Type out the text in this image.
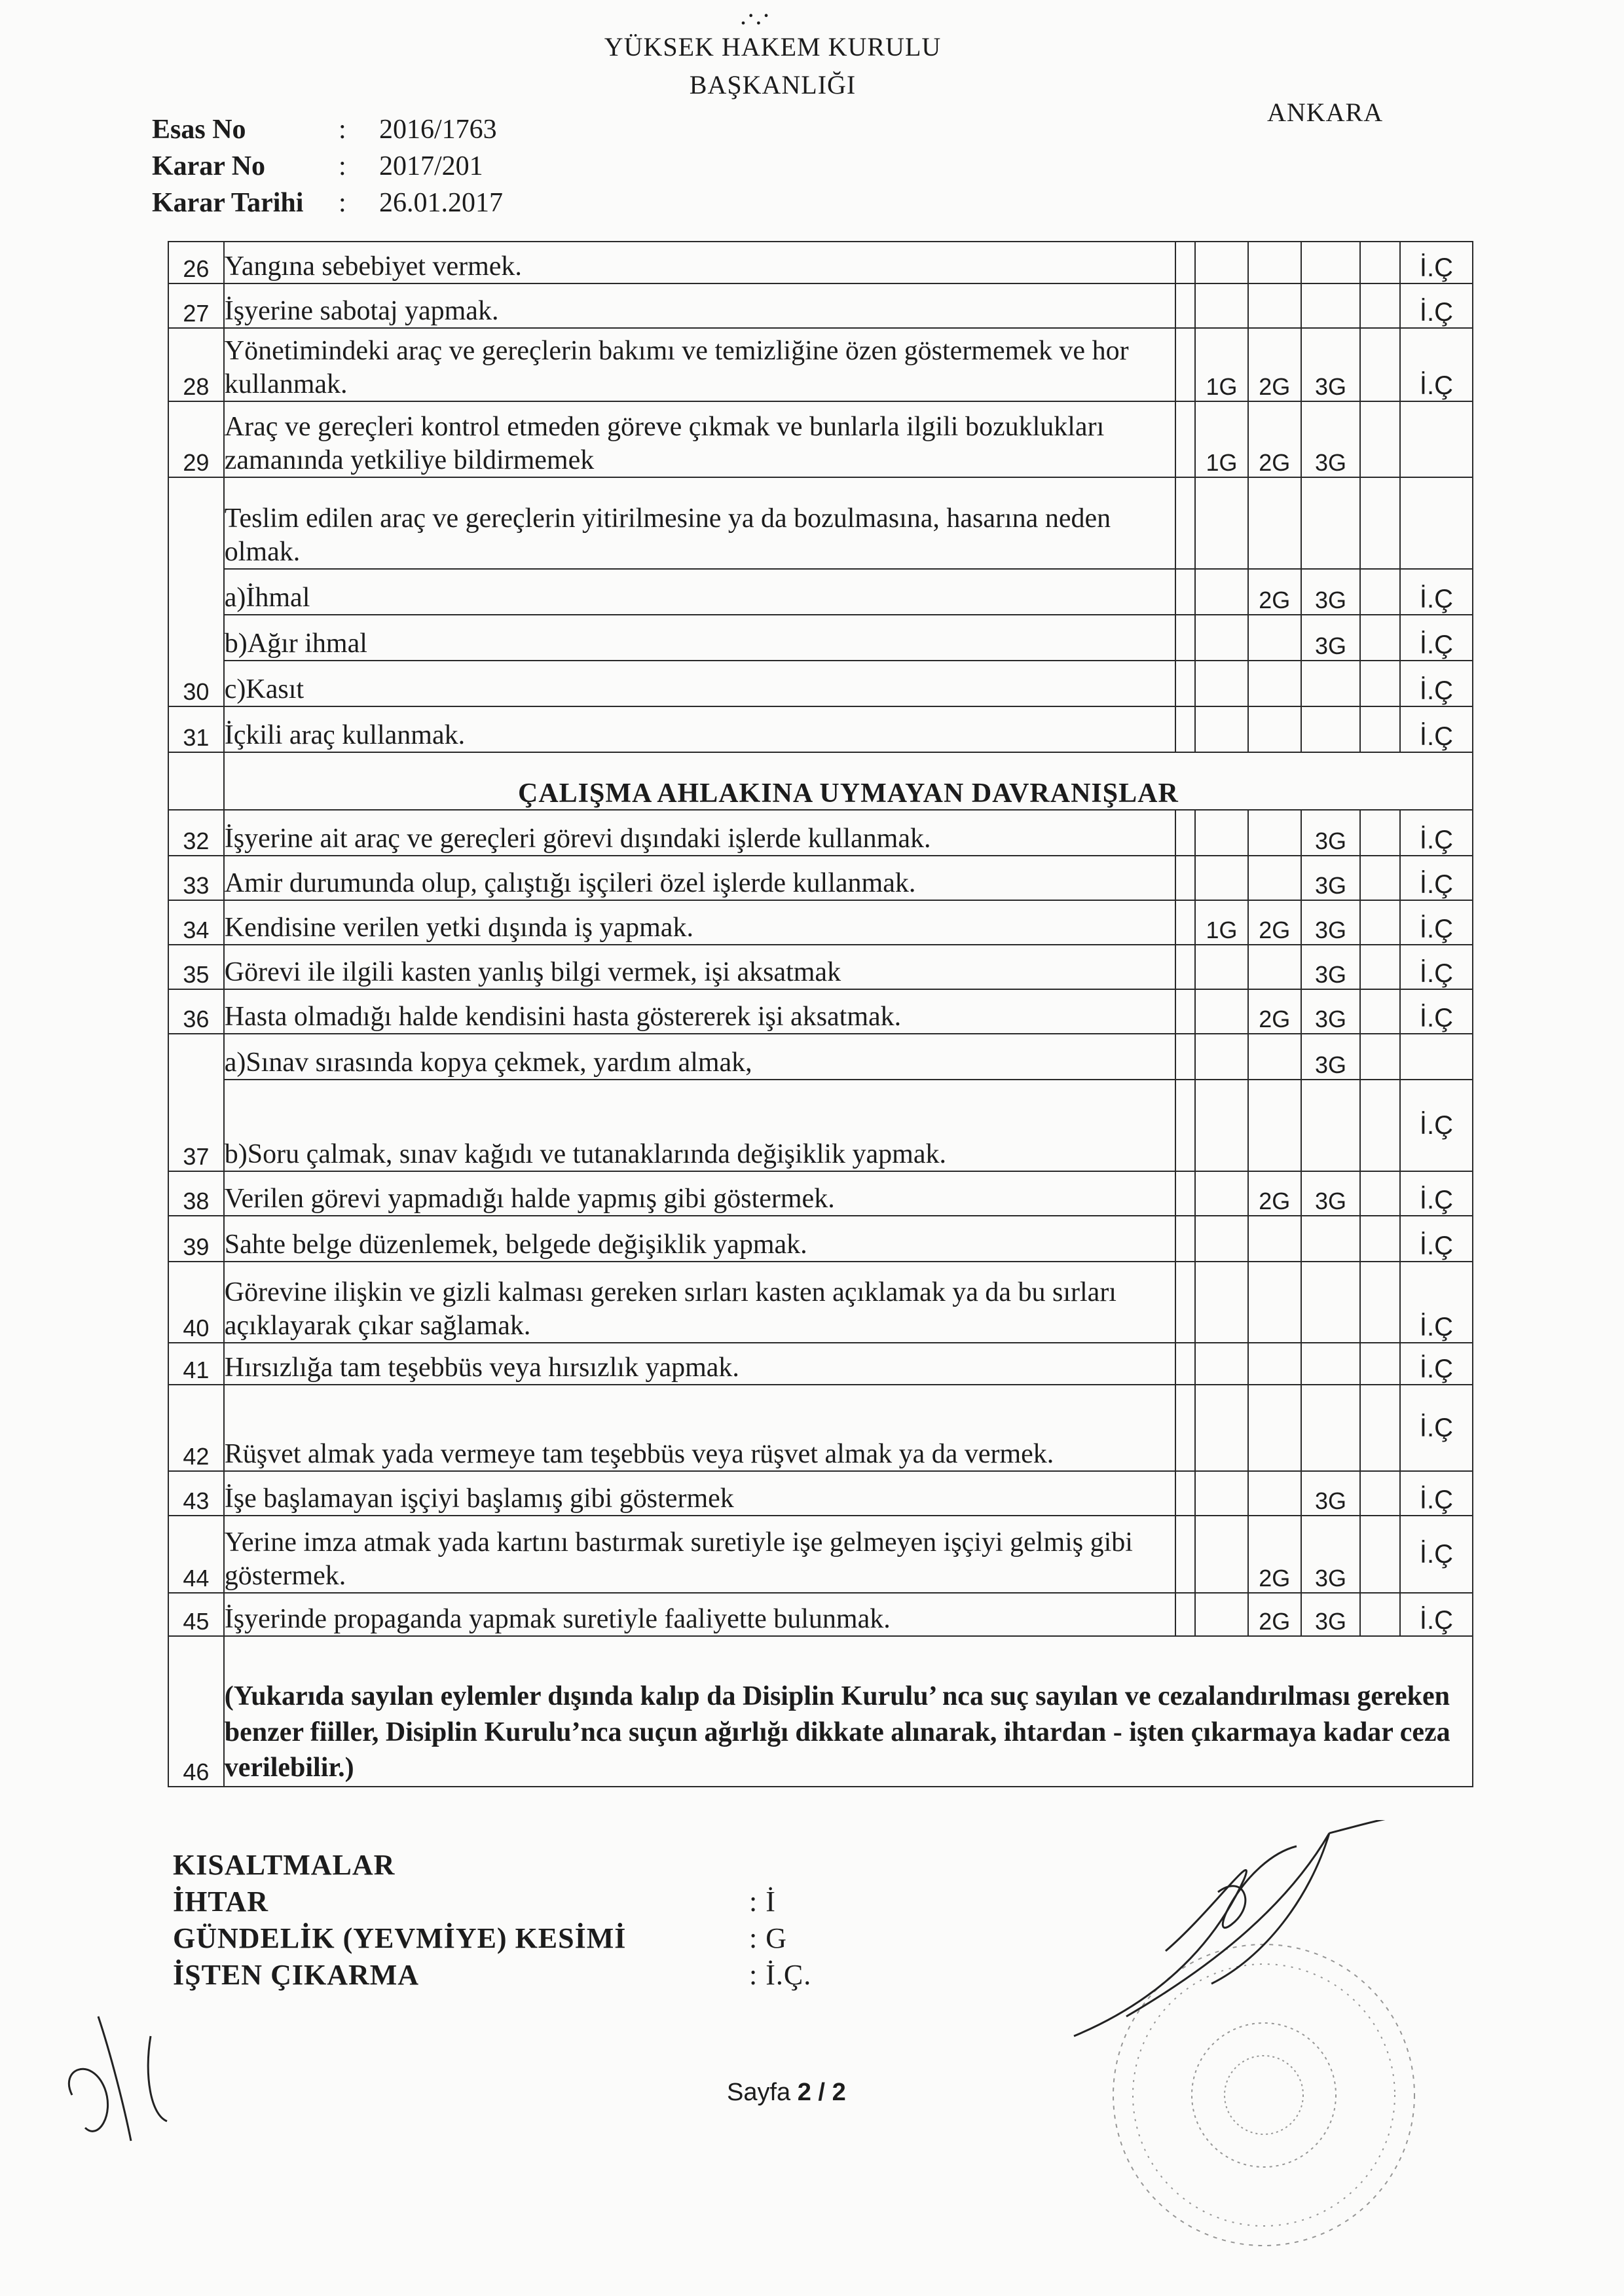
.·.·
YÜKSEK HAKEM KURULU
BAŞKANLIĞI
ANKARA
Esas No	:	2016/1763
Karar No	:	2017/201
Karar Tarihi	:	26.01.2017
26	Yangına sebebiyet vermek.						İ.Ç
27	İşyerine sabotaj yapmak.						İ.Ç
28	Yönetimindeki araç ve gereçlerin bakımı ve temizliğine özen göstermemek ve hor kullanmak.		1G	2G	3G		İ.Ç
29	Araç ve gereçleri kontrol etmeden göreve çıkmak ve bunlarla ilgili bozuklukları zamanında yetkiliye bildirmemek		1G	2G	3G		
30	Teslim edilen araç ve gereçlerin yitirilmesine ya da bozulmasına, hasarına neden olmak.						
	a)İhmal			2G	3G		İ.Ç
	b)Ağır ihmal				3G		İ.Ç
	c)Kasıt						İ.Ç
31	İçkili araç kullanmak.						İ.Ç
	ÇALIŞMA AHLAKINA UYMAYAN DAVRANIŞLAR						
32	İşyerine ait araç ve gereçleri görevi dışındaki işlerde kullanmak.				3G		İ.Ç
33	Amir durumunda olup, çalıştığı işçileri özel işlerde kullanmak.				3G		İ.Ç
34	Kendisine verilen yetki dışında iş yapmak.		1G	2G	3G		İ.Ç
35	Görevi ile ilgili kasten yanlış bilgi vermek, işi aksatmak				3G		İ.Ç
36	Hasta olmadığı halde kendisini hasta göstererek işi aksatmak.			2G	3G		İ.Ç
37	a)Sınav sırasında kopya çekmek, yardım almak,				3G		
	b)Soru çalmak, sınav kağıdı ve tutanaklarında değişiklik yapmak.						İ.Ç
38	Verilen görevi yapmadığı halde yapmış gibi göstermek.			2G	3G		İ.Ç
39	Sahte belge düzenlemek, belgede değişiklik yapmak.						İ.Ç
40	Görevine ilişkin ve gizli kalması gereken sırları kasten açıklamak ya da bu sırları açıklayarak çıkar sağlamak.						İ.Ç
41	Hırsızlığa tam teşebbüs veya hırsızlık yapmak.						İ.Ç
42	Rüşvet almak yada vermeye tam teşebbüs veya rüşvet almak ya da vermek.						İ.Ç
43	İşe başlamayan işçiyi başlamış gibi göstermek				3G		İ.Ç
44	Yerine imza atmak yada kartını bastırmak suretiyle işe gelmeyen işçiyi gelmiş gibi göstermek.			2G	3G		İ.Ç
45	İşyerinde propaganda yapmak suretiyle faaliyette bulunmak.			2G	3G		İ.Ç
46	(Yukarıda sayılan eylemler dışında kalıp da Disiplin Kurulu’ nca suç sayılan ve cezalandırılması gereken benzer fiiller, Disiplin Kurulu’nca suçun ağırlığı dikkate alınarak, ihtardan - işten çıkarmaya kadar ceza verilebilir.)						
KISALTMALAR
İHTAR	: İ
GÜNDELİK (YEVMİYE) KESİMİ	: G
İŞTEN ÇIKARMA	: İ.Ç.
Sayfa 2 / 2
